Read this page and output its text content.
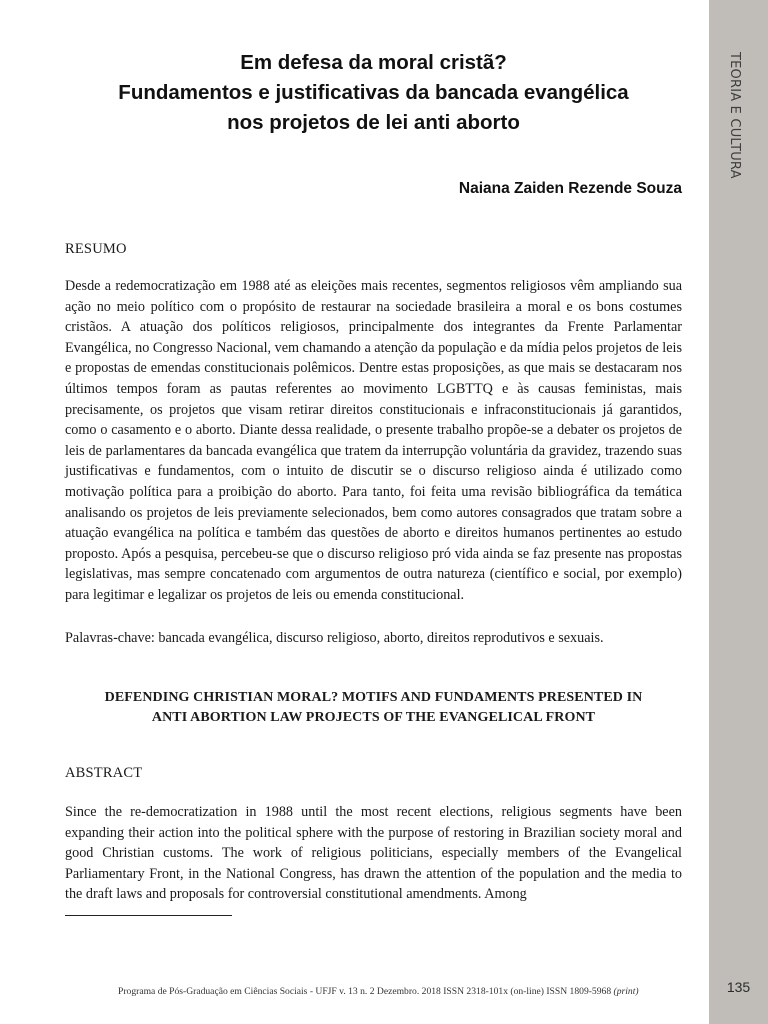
TEORIA E CULTURA
135
Em defesa da moral cristã?
Fundamentos e justificativas da bancada evangélica
nos projetos de lei anti aborto
Naiana Zaiden Rezende Souza
RESUMO

Desde a redemocratização em 1988 até as eleições mais recentes, segmentos religiosos vêm ampliando sua ação no meio político com o propósito de restaurar na sociedade brasileira a moral e os bons costumes cristãos. A atuação dos políticos religiosos, principalmente dos integrantes da Frente Parlamentar Evangélica, no Congresso Nacional, vem chamando a atenção da população e da mídia pelos projetos de leis e propostas de emendas constitucionais polêmicos. Dentre estas proposições, as que mais se destacaram nos últimos tempos foram as pautas referentes ao movimento LGBTTQ e às causas feministas, mais precisamente, os projetos que visam retirar direitos constitucionais e infraconstitucionais já garantidos, como o casamento e o aborto. Diante dessa realidade, o presente trabalho propõe-se a debater os projetos de leis de parlamentares da bancada evangélica que tratem da interrupção voluntária da gravidez, trazendo suas justificativas e fundamentos, com o intuito de discutir se o discurso religioso ainda é utilizado como motivação política para a proibição do aborto. Para tanto, foi feita uma revisão bibliográfica da temática analisando os projetos de leis previamente selecionados, bem como autores consagrados que tratam sobre a atuação evangélica na política e também das questões de aborto e direitos humanos pertinentes ao estudo proposto. Após a pesquisa, percebeu-se que o discurso religioso pró vida ainda se faz presente nas propostas legislativas, mas sempre concatenado com argumentos de outra natureza (científico e social, por exemplo) para legitimar e legalizar os projetos de leis ou emenda constitucional.

Palavras-chave: bancada evangélica, discurso religioso, aborto, direitos reprodutivos e sexuais.
DEFENDING CHRISTIAN MORAL? MOTIFS AND FUNDAMENTS PRESENTED IN
ANTI ABORTION LAW PROJECTS OF THE EVANGELICAL FRONT
ABSTRACT

Since the re-democratization in 1988 until the most recent elections, religious segments have been expanding their action into the political sphere with the purpose of restoring in Brazilian society moral and good Christian customs. The work of religious politicians, especially members of the Evangelical Parliamentary Front, in the National Congress, has drawn the attention of the population and the media to the draft laws and proposals for controversial constitutional amendments. Among

Programa de Pós-Graduação em Ciências Sociais - UFJF v. 13 n. 2 Dezembro. 2018 ISSN 2318-101x (on-line) ISSN 1809-5968 (print)
